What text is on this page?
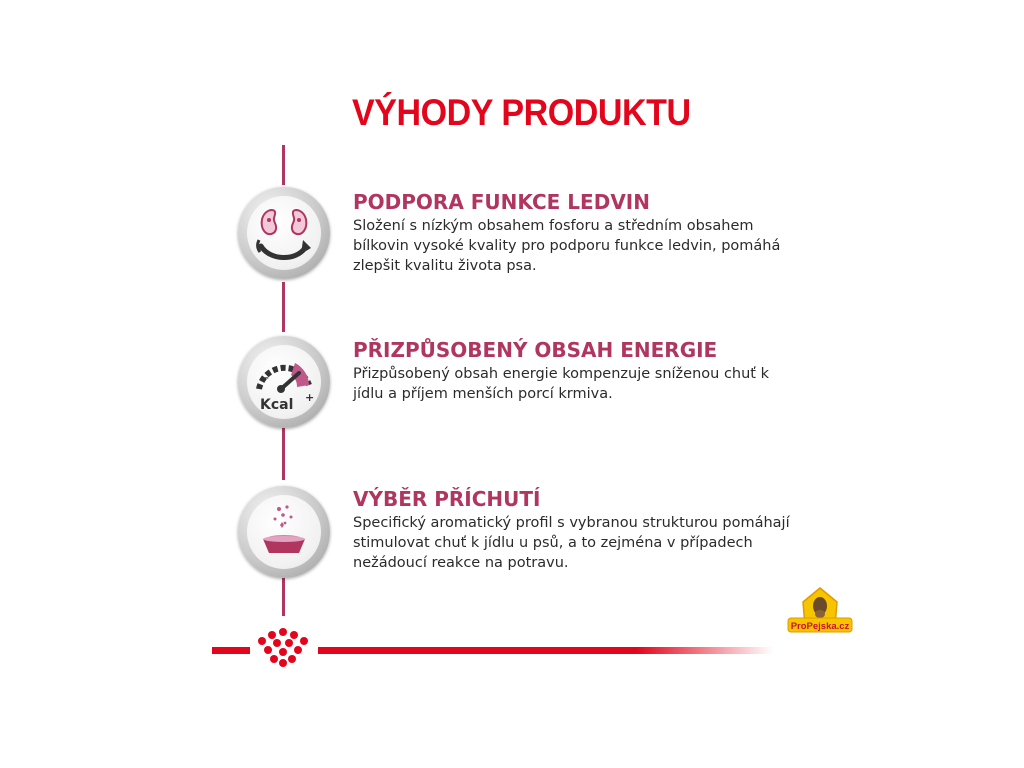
VÝHODY PRODUKTU
PODPORA FUNKCE LEDVIN

Složení s nízkým obsahem fosforu a středním obsahem bílkovin vysoké kvality pro podporu funkce ledvin, pomáhá zlepšit kvalitu života psa.

−
+
Kcal
PŘIZPŮSOBENÝ OBSAH ENERGIE

Přizpůsobený obsah energie kompenzuje sníženou chuť k jídlu a příjem menších porcí krmiva.

VÝBĚR PŘÍCHUTÍ

Specifický aromatický profil s vybranou strukturou pomáhají stimulovat chuť k jídlu u psů, a to zejména v případech nežádoucí reakce na potravu.

ProPejska.cz
